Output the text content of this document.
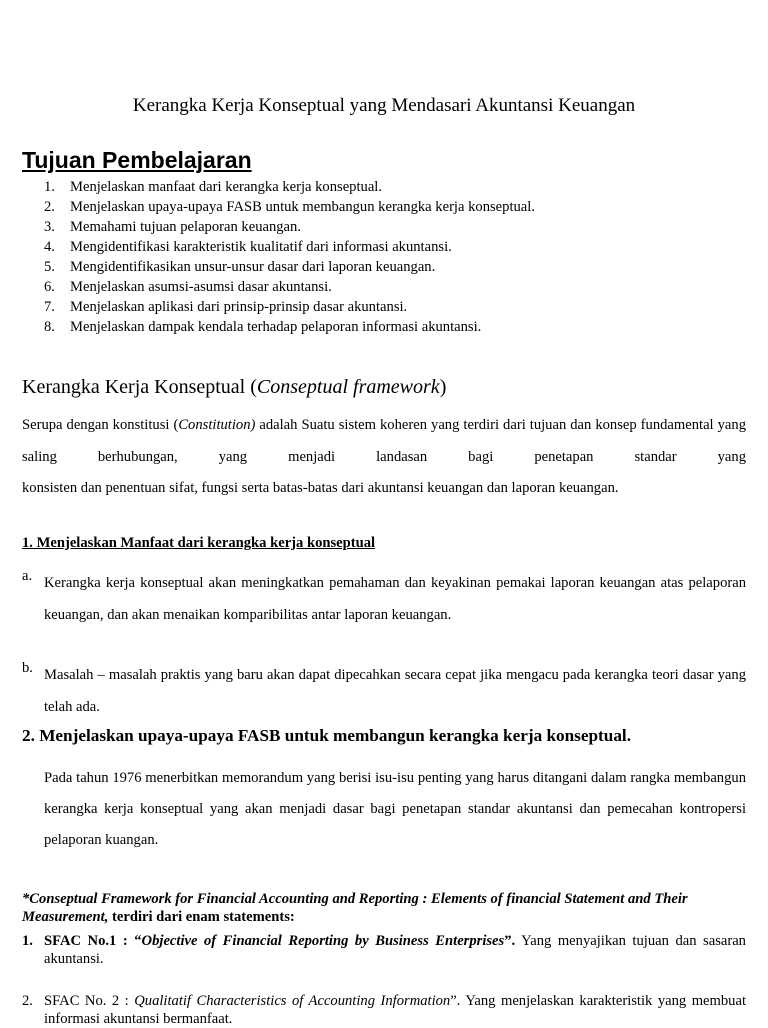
Kerangka Kerja Konseptual yang Mendasari Akuntansi Keuangan
Tujuan Pembelajaran
1.	Menjelaskan manfaat dari kerangka kerja konseptual.
2.	Menjelaskan upaya-upaya FASB untuk membangun kerangka kerja konseptual.
3.	Memahami tujuan pelaporan keuangan.
4.	Mengidentifikasi karakteristik kualitatif dari informasi akuntansi.
5.	Mengidentifikasikan unsur-unsur dasar dari laporan keuangan.
6.	Menjelaskan asumsi-asumsi dasar akuntansi.
7.	Menjelaskan aplikasi dari prinsip-prinsip dasar akuntansi.
8.	Menjelaskan dampak kendala terhadap pelaporan informasi akuntansi.
Kerangka Kerja Konseptual (Conseptual framework)
Serupa dengan konstitusi (Constitution) adalah Suatu sistem koheren yang terdiri dari tujuan dan konsep fundamental yang saling berhubungan, yang menjadi landasan bagi penetapan standar yang
konsisten dan penentuan sifat, fungsi serta batas-batas dari akuntansi keuangan dan laporan keuangan.
1. Menjelaskan Manfaat dari kerangka kerja konseptual
a. Kerangka kerja konseptual akan meningkatkan pemahaman dan keyakinan pemakai laporan keuangan atas pelaporan keuangan, dan akan menaikan komparibilitas antar laporan keuangan.
b. Masalah – masalah praktis yang baru akan dapat dipecahkan secara cepat jika mengacu pada kerangka teori dasar yang telah ada.
2. Menjelaskan upaya-upaya FASB untuk membangun kerangka kerja konseptual.
Pada tahun 1976 menerbitkan memorandum yang berisi isu-isu penting yang harus ditangani dalam rangka membangun kerangka kerja konseptual yang akan menjadi dasar bagi penetapan standar akuntansi dan pemecahan kontropersi pelaporan kuangan.
*Conseptual Framework for Financial Accounting and Reporting : Elements of financial Statement and Their Measurement, terdiri dari enam statements:
1. SFAC No.1 : “Objective of Financial Reporting by Business Enterprises”. Yang menyajikan tujuan dan sasaran akuntansi.
2. SFAC No. 2 : Qualitatif Characteristics of Accounting Information”. Yang menjelaskan karakteristik yang membuat informasi akuntansi bermanfaat.
